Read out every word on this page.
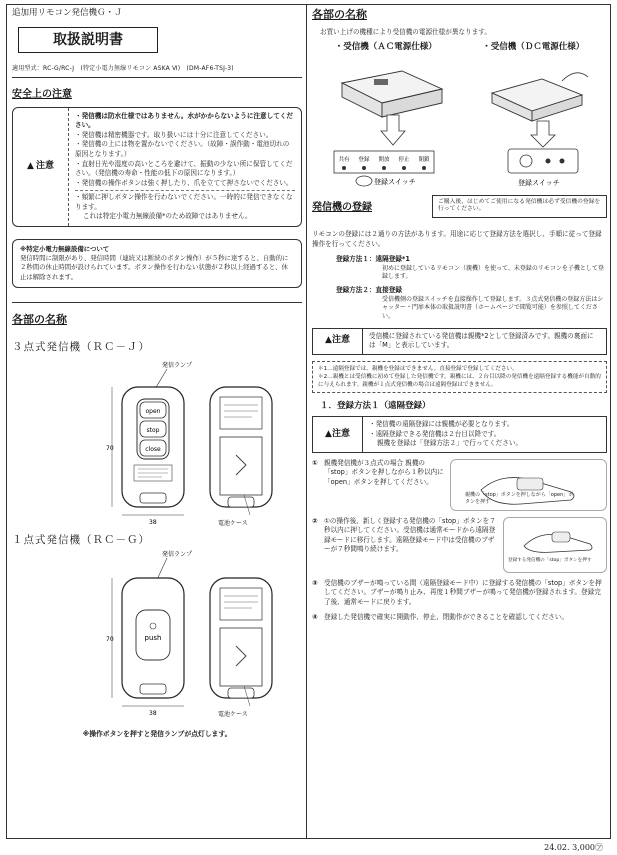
追加用リモコン発信機Ｇ・Ｊ
取扱説明書
適用型式：RC-G/RC-J　(特定小電力無線リモコン ASKA Ⅵ)　(DM-AF6-TSJ-3)
安全上の注意
▲ 注意
・発信機は防水仕様ではありません。水がかからないように注意してください。
・発信機は精密機器です。取り扱いには十分に注意してください。
・発信機の上には物を置かないでください。（故障・誤作動・電池切れの原因となります。）
・直射日光や湿度の高いところを避けて、振動の少ない所に保管してください。（発信機の寿命・性能の低下の原因になります。）
・発信機の操作ボタンは強く押したり、爪を立てて押さないでください。
・頻繁に押しボタン操作を行わないでください。一時的に発信できなくなります。
これは特定小電力無線設備*のため故障ではありません。
※特定小電力無線設備について
発信時間に制限があり、発信時間（連続又は断続のボタン操作）が５秒に達すると、自動的に２秒間の休止時間が設けられています。ボタン操作を行わない状態が２秒以上経過すると、休止は解除されます。
各部の名称
３点式発信機（ＲＣ－Ｊ）
発信ランプ
open
stop
close
70
38	電池ケース
１点式発信機（ＲＣ－Ｇ）
発信ランプ
push
70
38	電池ケース
※操作ボタンを押すと発信ランプが点灯します。
各部の名称
お買い上げの機種により受信機の電源仕様が異なります。
・受信機（ＡＣ電源仕様）	・受信機（ＤＣ電源仕様）
共有 登録 開放 停止 閉鎖
登録スイッチ	登録スイッチ
発信機の登録	ご購入後、はじめてご使用になる発信機は必ず受信機の登録を行ってください。
リモコンの登録には２通りの方法があります。用途に応じて登録方法を選択し、手順に従って登録操作を行ってください。
登録方法１：遠隔登録*1
初めに登録しているリモコン（親機）を使って、未登録のリモコンを子機として登録します。
登録方法２：直接登録
受信機側の登録スイッチを直接操作して登録します。３点式発信機の登録方法はシャッター・門扉本体の取扱説明書（ホームページで閲覧可能）を参照してください。
▲ 注意	受信機に登録されている発信機は親機*2として登録済みです。親機の裏面には「M」と表示しています。
＊1…遠隔登録では、親機を登録はできません。直接登録で登録してください。
＊2…親機とは受信機に初めて登録した発信機です。親機には、２台目以降の発信機を遠隔登録する機能が自動的に与えられます。親機が１点式発信機の場合は遠隔登録はできません。
１．登録方法１（遠隔登録）
▲ 注意
・発信機の遠隔登録には親機が必要となります。
・遠隔登録できる発信機は２台目以降です。
親機を登録は「登録方法２」で行ってください。
① 親機発信機が３点式の場合 親機の「stop」ボタンを押しながら１秒以内に「open」ボタンを押してください。
親機の「stop」ボタンを押しながら「open」ボタンを押す
② ①の操作後、新しく登録する発信機の「stop」ボタンを７秒以内に押してください。受信機は通常モードから遠隔登録モードに移行します。遠隔登録モード中は受信機のブザーが７秒間鳴り続けます。
登録する発信機の「stop」ボタンを押す
③ 受信機のブザーが鳴っている間（遠隔登録モード中）に登録する発信機の「stop」ボタンを押してください。ブザーが鳴り止み、再度１秒間ブザーが鳴って発信機が登録されます。登録完了後、通常モードに戻ります。
④ 登録した発信機で確実に開動作、停止、閉動作ができることを確認してください。
24.02. 3,000㋐
